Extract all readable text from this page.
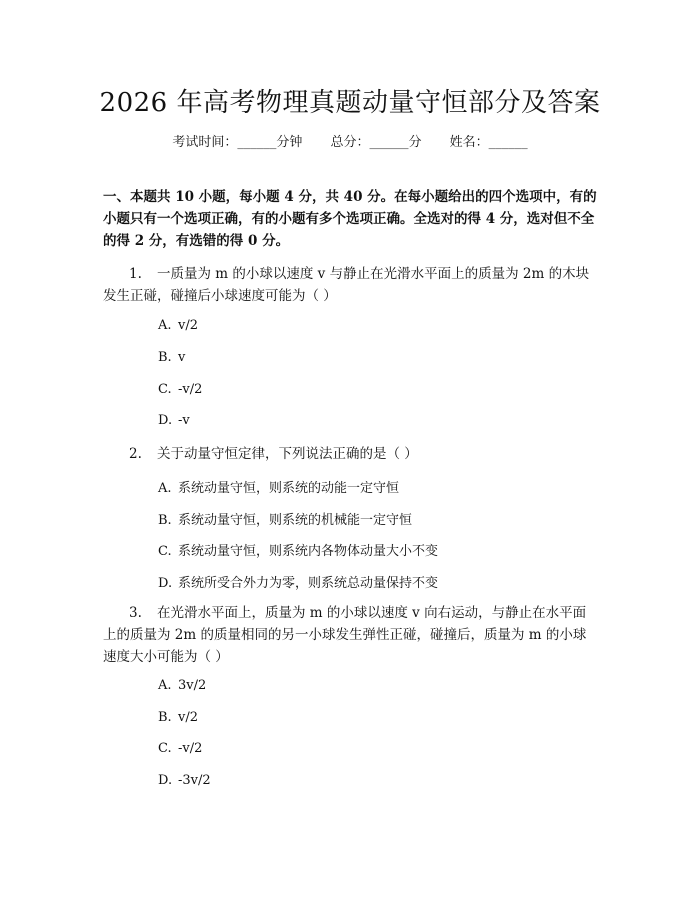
2026 年高考物理真题动量守恒部分及答案
考试时间：______分钟 总分：______分 姓名：______

一、本题共 10 小题，每小题 4 分，共 40 分。在每小题给出的四个选项中，有的小题只有一个选项正确，有的小题有多个选项正确。全选对的得 4 分，选对但不全的得 2 分，有选错的得 0 分。

1. 一质量为 m 的小球以速度 v 与静止在光滑水平面上的质量为 2m 的木块发生正碰，碰撞后小球速度可能为（ ）

A. v/2
B. v
C. -v/2
D. -v

2. 关于动量守恒定律，下列说法正确的是（ ）

A. 系统动量守恒，则系统的动能一定守恒
B. 系统动量守恒，则系统的机械能一定守恒
C. 系统动量守恒，则系统内各物体动量大小不变
D. 系统所受合外力为零，则系统总动量保持不变

3. 在光滑水平面上，质量为 m 的小球以速度 v 向右运动，与静止在水平面上的质量为 2m 的质量相同的另一小球发生弹性正碰，碰撞后，质量为 m 的小球速度大小可能为（ ）

A. 3v/2
B. v/2
C. -v/2
D. -3v/2
